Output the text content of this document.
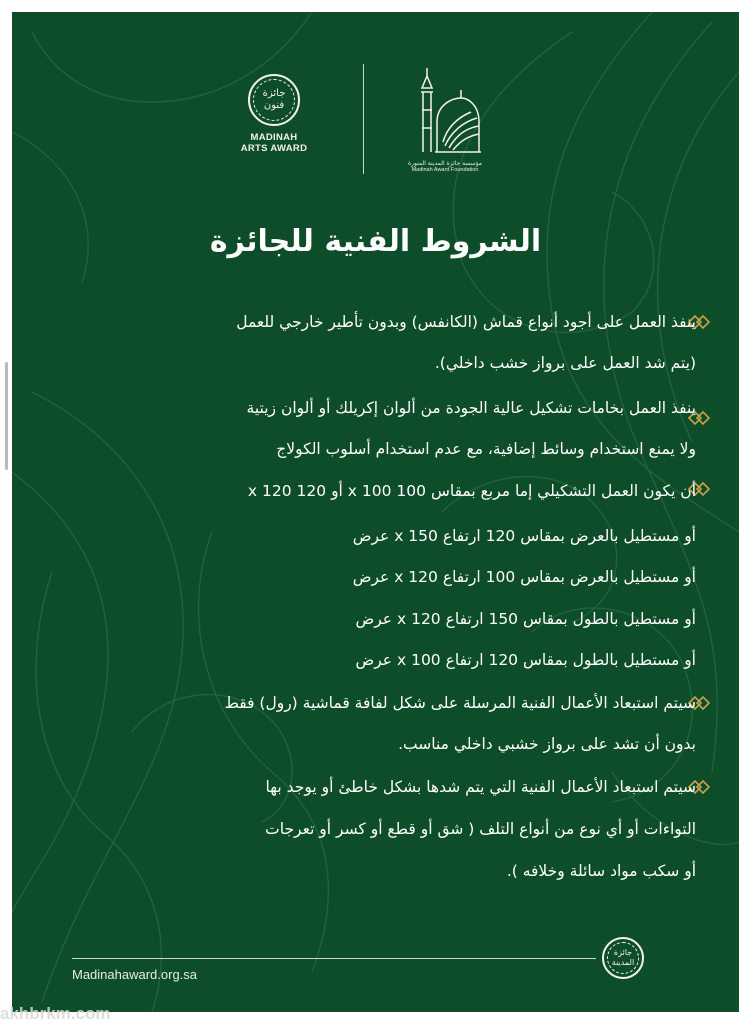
جائزة
فنون
MADINAH
ARTS AWARD
مؤسسة جائزة المدينة المنورة
Madinah Award Foundation
الشروط الفنية للجائزة
ينفذ العمل على أجود أنواع قماش (الكانفس) وبدون تأطير خارجي للعمل
(يتم شد العمل على برواز خشب داخلي).
ينفذ العمل بخامات تشكيل عالية الجودة من ألوان إكريلك أو ألوان زيتية
ولا يمنع استخدام وسائط إضافية، مع عدم استخدام أسلوب الكولاج
أن يكون العمل التشكيلي إما مربع بمقاس 100 x 100 أو 120 x 120
أو مستطيل بالعرض بمقاس 120 ارتفاع x 150 عرض
أو مستطيل بالعرض بمقاس 100 ارتفاع x 120 عرض
أو مستطيل بالطول بمقاس 150 ارتفاع x 120 عرض
أو مستطيل بالطول بمقاس 120 ارتفاع x 100 عرض
سيتم استبعاد الأعمال الفنية المرسلة على شكل لفافة قماشية (رول) فقط
بدون أن تشد على برواز خشبي داخلي مناسب.
سيتم استبعاد الأعمال الفنية التي يتم شدها بشكل خاطئ أو يوجد بها
التواءات أو أي نوع من أنواع التلف ( شق أو قطع أو كسر أو تعرجات
أو سكب مواد سائلة وخلافه ).
Madinahaward.org.sa
جائزة
المدينة
akhbrkm.com
